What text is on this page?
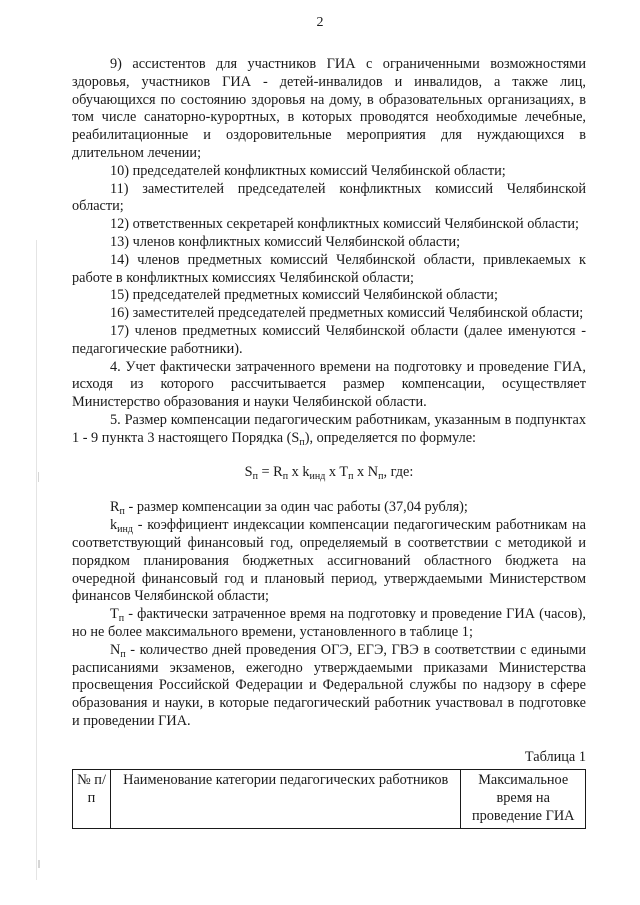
2

9) ассистентов для участников ГИА с ограниченными возможностями здоровья, участников ГИА - детей-инвалидов и инвалидов, а также лиц, обучающихся по состоянию здоровья на дому, в образовательных организациях, в том числе санаторно-курортных, в которых проводятся необходимые лечебные, реабилитационные и оздоровительные мероприятия для нуждающихся в длительном лечении;

10) председателей конфликтных комиссий Челябинской области;

11) заместителей председателей конфликтных комиссий Челябинской области;

12) ответственных секретарей конфликтных комиссий Челябинской области;

13) членов конфликтных комиссий Челябинской области;

14) членов предметных комиссий Челябинской области, привлекаемых к работе в конфликтных комиссиях Челябинской области;

15) председателей предметных комиссий Челябинской области;

16) заместителей председателей предметных комиссий Челябинской области;

17) членов предметных комиссий Челябинской области (далее именуются - педагогические работники).

4. Учет фактически затраченного времени на подготовку и проведение ГИА, исходя из которого рассчитывается размер компенсации, осуществляет Министерство образования и науки Челябинской области.

5. Размер компенсации педагогическим работникам, указанным в подпунктах 1 - 9 пункта 3 настоящего Порядка $(S_п)$, определяется по формуле:

$S_п = R_п$ x $k_{инд}$ x $T_п$ x $N_п$, где:

$R_п$ - размер компенсации за один час работы (37,04 рубля);

$k_{инд}$ - коэффициент индексации компенсации педагогическим работникам на соответствующий финансовый год, определяемый в соответствии с методикой и порядком планирования бюджетных ассигнований областного бюджета на очередной финансовый год и плановый период, утверждаемыми Министерством финансов Челябинской области;

$T_п$ - фактически затраченное время на подготовку и проведение ГИА (часов), но не более максимального времени, установленного в таблице 1;

$N_п$ - количество дней проведения ОГЭ, ЕГЭ, ГВЭ в соответствии с едиными расписаниями экзаменов, ежегодно утверждаемыми приказами Министерства просвещения Российской Федерации и Федеральной службы по надзору в сфере образования и науки, в которые педагогический работник участвовал в подготовке и проведении ГИА.

Таблица 1
№ п/п	Наименование категории педагогических работников	Максимальное время на проведение ГИА
